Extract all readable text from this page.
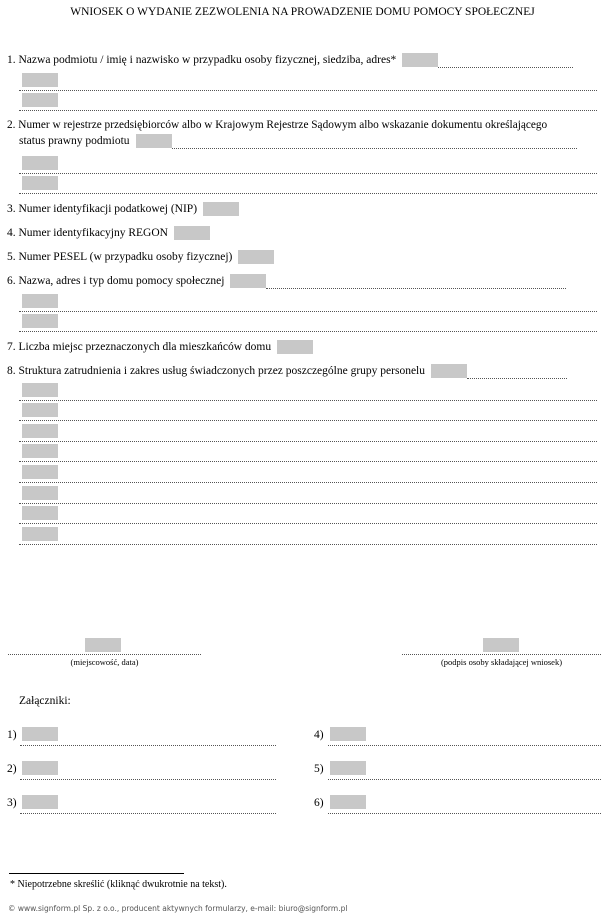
WNIOSEK O WYDANIE ZEZWOLENIA NA PROWADZENIE DOMU POMOCY SPOŁECZNEJ
1. Nazwa podmiotu / imię i nazwisko w przypadku osoby fizycznej, siedziba, adres*
2. Numer w rejestrze przedsiębiorców albo w Krajowym Rejestrze Sądowym albo wskazanie dokumentu określającego
status prawny podmiotu
3. Numer identyfikacji podatkowej (NIP)
4. Numer identyfikacyjny REGON
5. Numer PESEL (w przypadku osoby fizycznej)
6. Nazwa, adres i typ domu pomocy społecznej
7. Liczba miejsc przeznaczonych dla mieszkańców domu
8. Struktura zatrudnienia i zakres usług świadczonych przez poszczególne grupy personelu
(miejscowość, data)	(podpis osoby składającej wniosek)
Załączniki:
1)
2)
3)
4)
5)
6)
* Niepotrzebne skreślić (kliknąć dwukrotnie na tekst).
© www.signform.pl Sp. z o.o., producent aktywnych formularzy, e-mail: biuro@signform.pl
